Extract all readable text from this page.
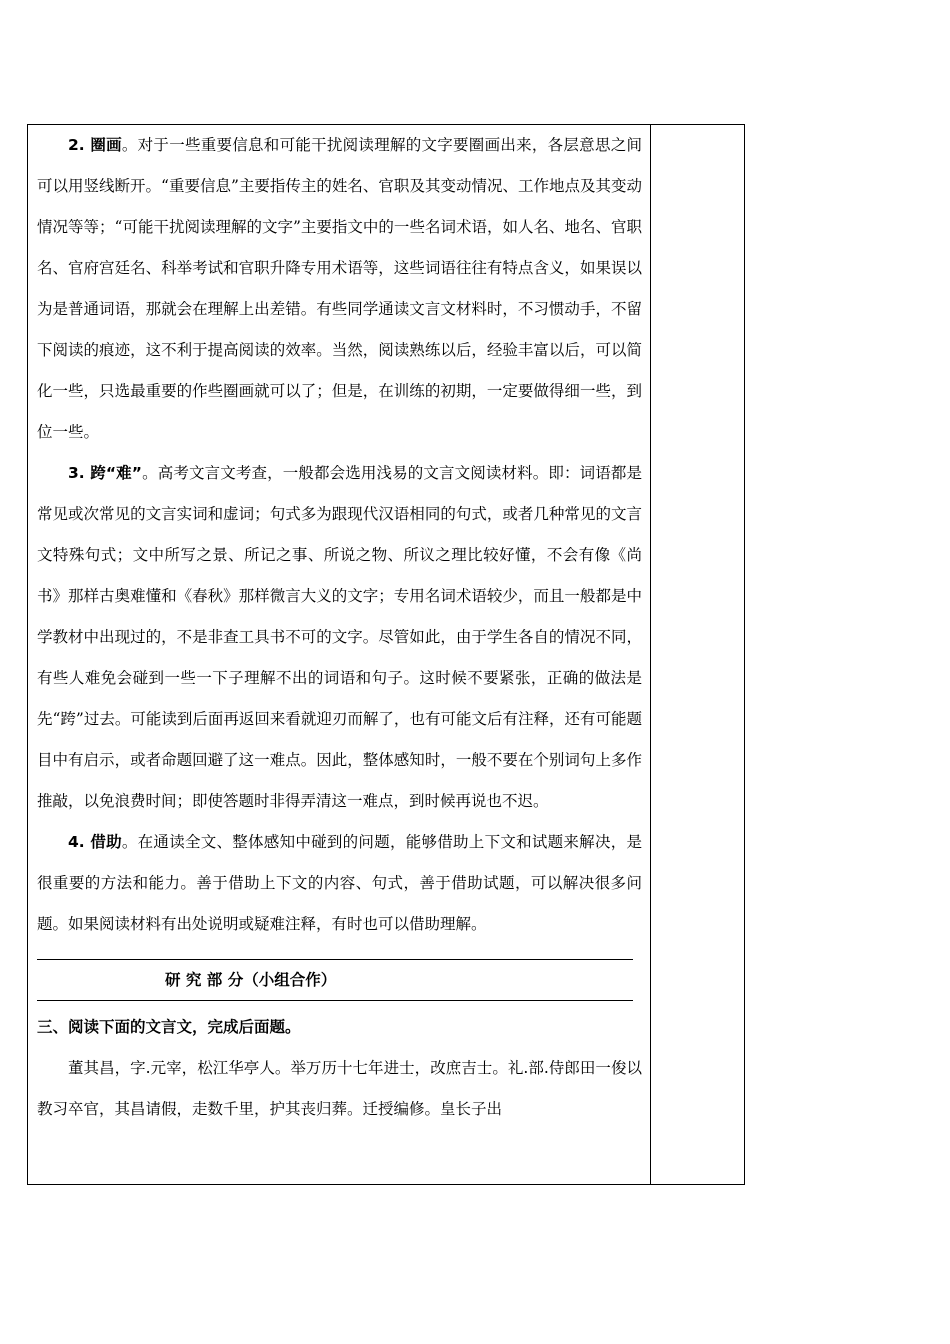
2. 圈画。对于一些重要信息和可能干扰阅读理解的文字要圈画出来，各层意思之间可以用竖线断开。“重要信息”主要指传主的姓名、官职及其变动情况、工作地点及其变动情况等等；“可能干扰阅读理解的文字”主要指文中的一些名词术语，如人名、地名、官职名、官府宫廷名、科举考试和官职升降专用术语等，这些词语往往有特点含义，如果误以为是普通词语，那就会在理解上出差错。有些同学通读文言文材料时，不习惯动手，不留下阅读的痕迹，这不利于提高阅读的效率。当然，阅读熟练以后，经验丰富以后，可以简化一些，只选最重要的作些圈画就可以了；但是，在训练的初期，一定要做得细一些，到位一些。

3. 跨“难”。高考文言文考查，一般都会选用浅易的文言文阅读材料。即：词语都是常见或次常见的文言实词和虚词；句式多为跟现代汉语相同的句式，或者几种常见的文言文特殊句式；文中所写之景、所记之事、所说之物、所议之理比较好懂，不会有像《尚书》那样古奥难懂和《春秋》那样微言大义的文字；专用名词术语较少，而且一般都是中学教材中出现过的，不是非查工具书不可的文字。尽管如此，由于学生各自的情况不同，有些人难免会碰到一些一下子理解不出的词语和句子。这时候不要紧张，正确的做法是先“跨”过去。可能读到后面再返回来看就迎刃而解了，也有可能文后有注释，还有可能题目中有启示，或者命题回避了这一难点。因此，整体感知时，一般不要在个别词句上多作推敲，以免浪费时间；即使答题时非得弄清这一难点，到时候再说也不迟。

4. 借助。在通读全文、整体感知中碰到的问题，能够借助上下文和试题来解决，是很重要的方法和能力。善于借助上下文的内容、句式，善于借助试题，可以解决很多问题。如果阅读材料有出处说明或疑难注释，有时也可以借助理解。

研 究 部 分（小组合作）

三、阅读下面的文言文，完成后面题。

董其昌，字.元宰，松江华亭人。举万历十七年进士，改庶吉士。礼.部.侍郎田一俊以教习卒官，其昌请假，走数千里，护其丧归葬。迁授编修。皇长子出
